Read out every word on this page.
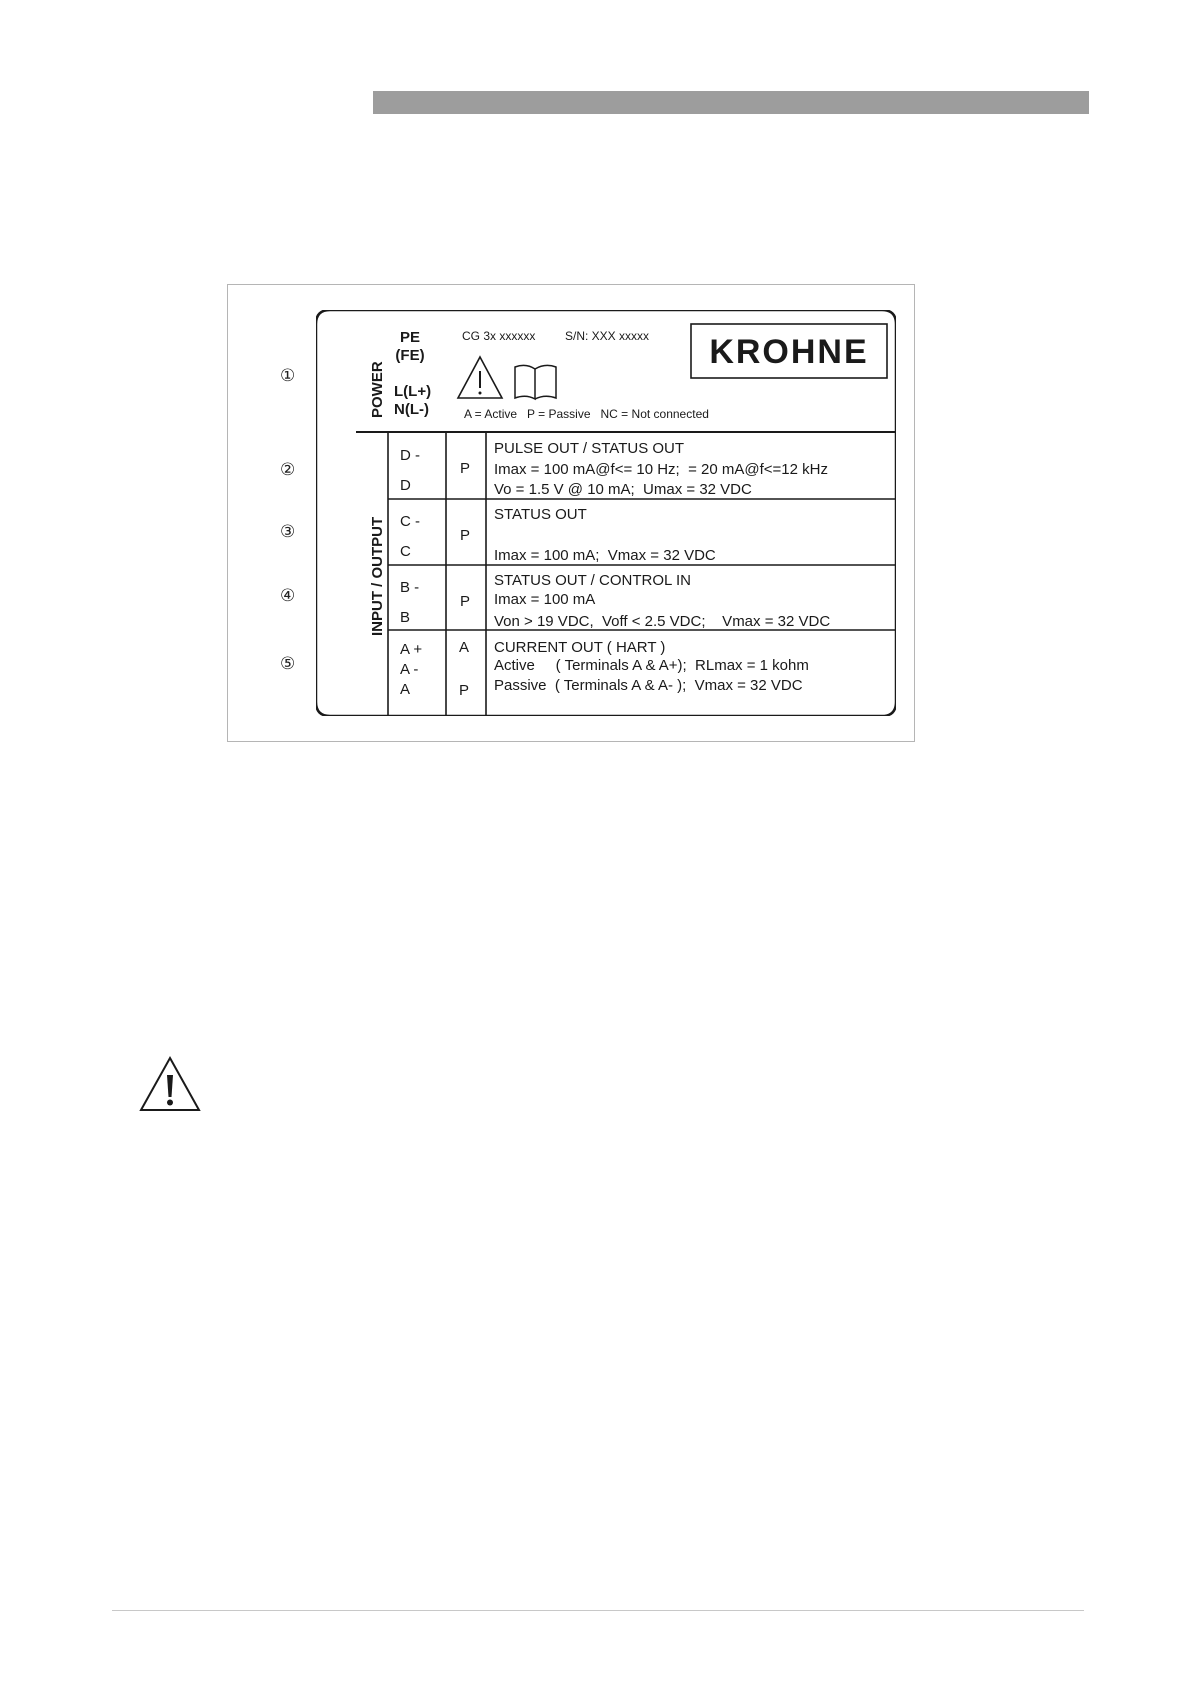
①
②
③
④
⑤
POWER
INPUT / OUTPUT
PE
(FE)
L(L+)
N(L-)
CG 3x xxxxxx S/N: XXX xxxxx KROHNE
A = Active   P = Passive   NC = Not connected
D -
D
P
PULSE OUT / STATUS OUT
Imax = 100 mA@f<= 10 Hz;  = 20 mA@f<=12 kHz
Vo = 1.5 V @ 10 mA;  Umax = 32 VDC
C -
C
P
STATUS OUT
Imax = 100 mA;  Vmax = 32 VDC
B -
B
P
STATUS OUT / CONTROL IN
Imax = 100 mA
Von > 19 VDC,  Voff < 2.5 VDC;    Vmax = 32 VDC
A +
A -
A
A
P
CURRENT OUT ( HART )
Active     ( Terminals A & A+);  RLmax = 1 kohm
Passive  ( Terminals A & A- );  Vmax = 32 VDC
